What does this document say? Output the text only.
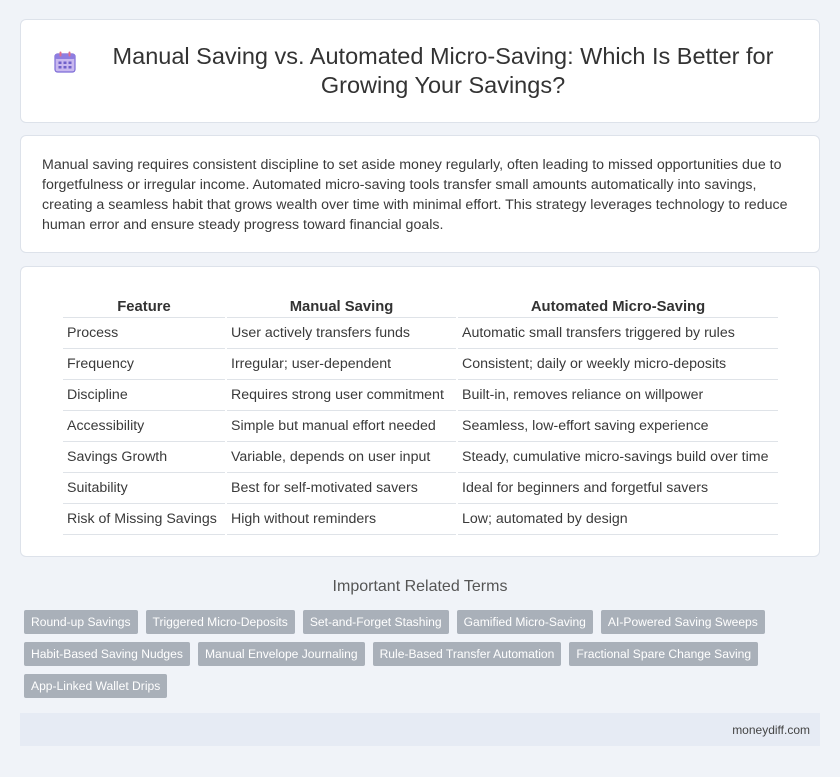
Manual Saving vs. Automated Micro-Saving: Which Is Better for Growing Your Savings?

Manual saving requires consistent discipline to set aside money regularly, often leading to missed opportunities due to forgetfulness or irregular income. Automated micro-saving tools transfer small amounts automatically into savings, creating a seamless habit that grows wealth over time with minimal effort. This strategy leverages technology to reduce human error and ensure steady progress toward financial goals.

Feature	Manual Saving	Automated Micro-Saving
Process	User actively transfers funds	Automatic small transfers triggered by rules
Frequency	Irregular; user-dependent	Consistent; daily or weekly micro-deposits
Discipline	Requires strong user commitment	Built-in, removes reliance on willpower
Accessibility	Simple but manual effort needed	Seamless, low-effort saving experience
Savings Growth	Variable, depends on user input	Steady, cumulative micro-savings build over time
Suitability	Best for self-motivated savers	Ideal for beginners and forgetful savers
Risk of Missing Savings	High without reminders	Low; automated by design
Important Related Terms
Round-up Savings	Triggered Micro-Deposits	Set-and-Forget Stashing	Gamified Micro-Saving	AI-Powered Saving Sweeps
Habit-Based Saving Nudges	Manual Envelope Journaling	Rule-Based Transfer Automation	Fractional Spare Change Saving
App-Linked Wallet Drips
moneydiff.com
